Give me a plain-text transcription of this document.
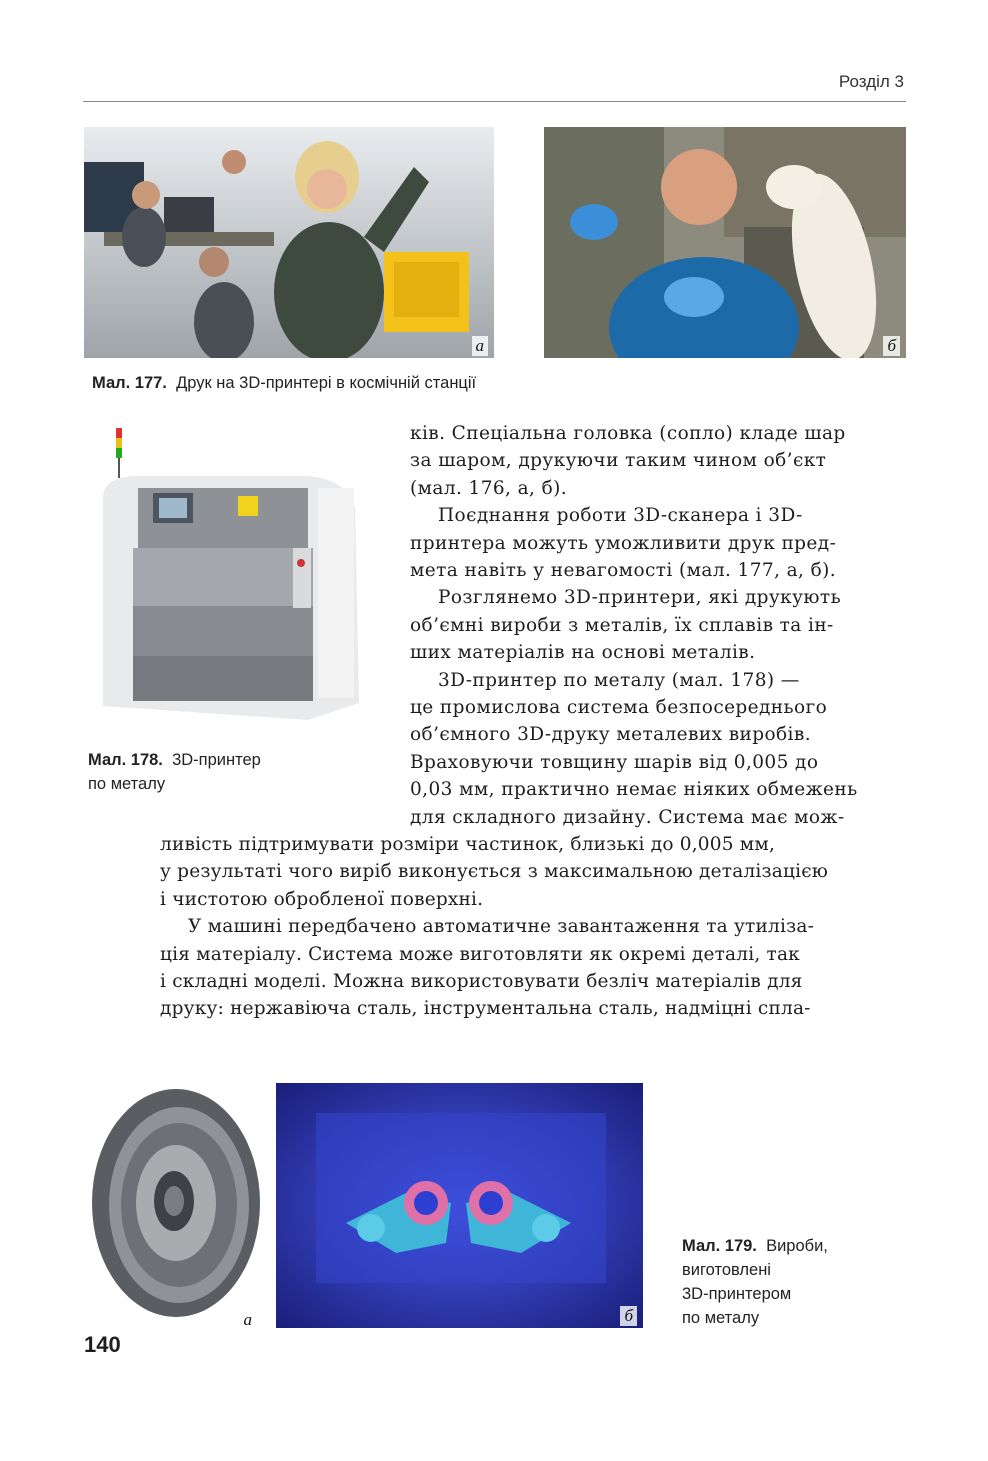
Розділ 3
а	б
Мал. 177. Друк на 3D-принтері в космічній станції
Мал. 178. 3D-принтер
по металу

ків. Спеціальна головка (сопло) кладе шар

за шаром, друкуючи таким чином об’єкт

(мал. 176, а, б).

Поєднання роботи 3D-сканера і 3D-

принтера можуть уможливити друк пред-

мета навіть у невагомості (мал. 177, а, б).

Розглянемо 3D-принтери, які друкують

об’ємні вироби з металів, їх сплавів та ін-

ших матеріалів на основі металів.

3D-принтер по металу (мал. 178) —

це промислова система безпосереднього

об’ємного 3D-друку металевих виробів.

Враховуючи товщину шарів від 0,005 до

0,03 мм, практично немає ніяких обмежень

для складного дизайну. Система має мож-

ливість підтримувати розміри частинок, близькі до 0,005 мм,

у результаті чого виріб виконується з максимальною деталізацією

і чистотою обробленої поверхні.

У машині передбачено автоматичне завантаження та утиліза-

ція матеріалу. Система може виготовляти як окремі деталі, так

і складні моделі. Можна використовувати безліч матеріалів для

друку: нержавіюча сталь, інструментальна сталь, надміцні спла-

а	б
Мал. 179. Вироби,
виготовлені
3D-принтером
по металу
140
